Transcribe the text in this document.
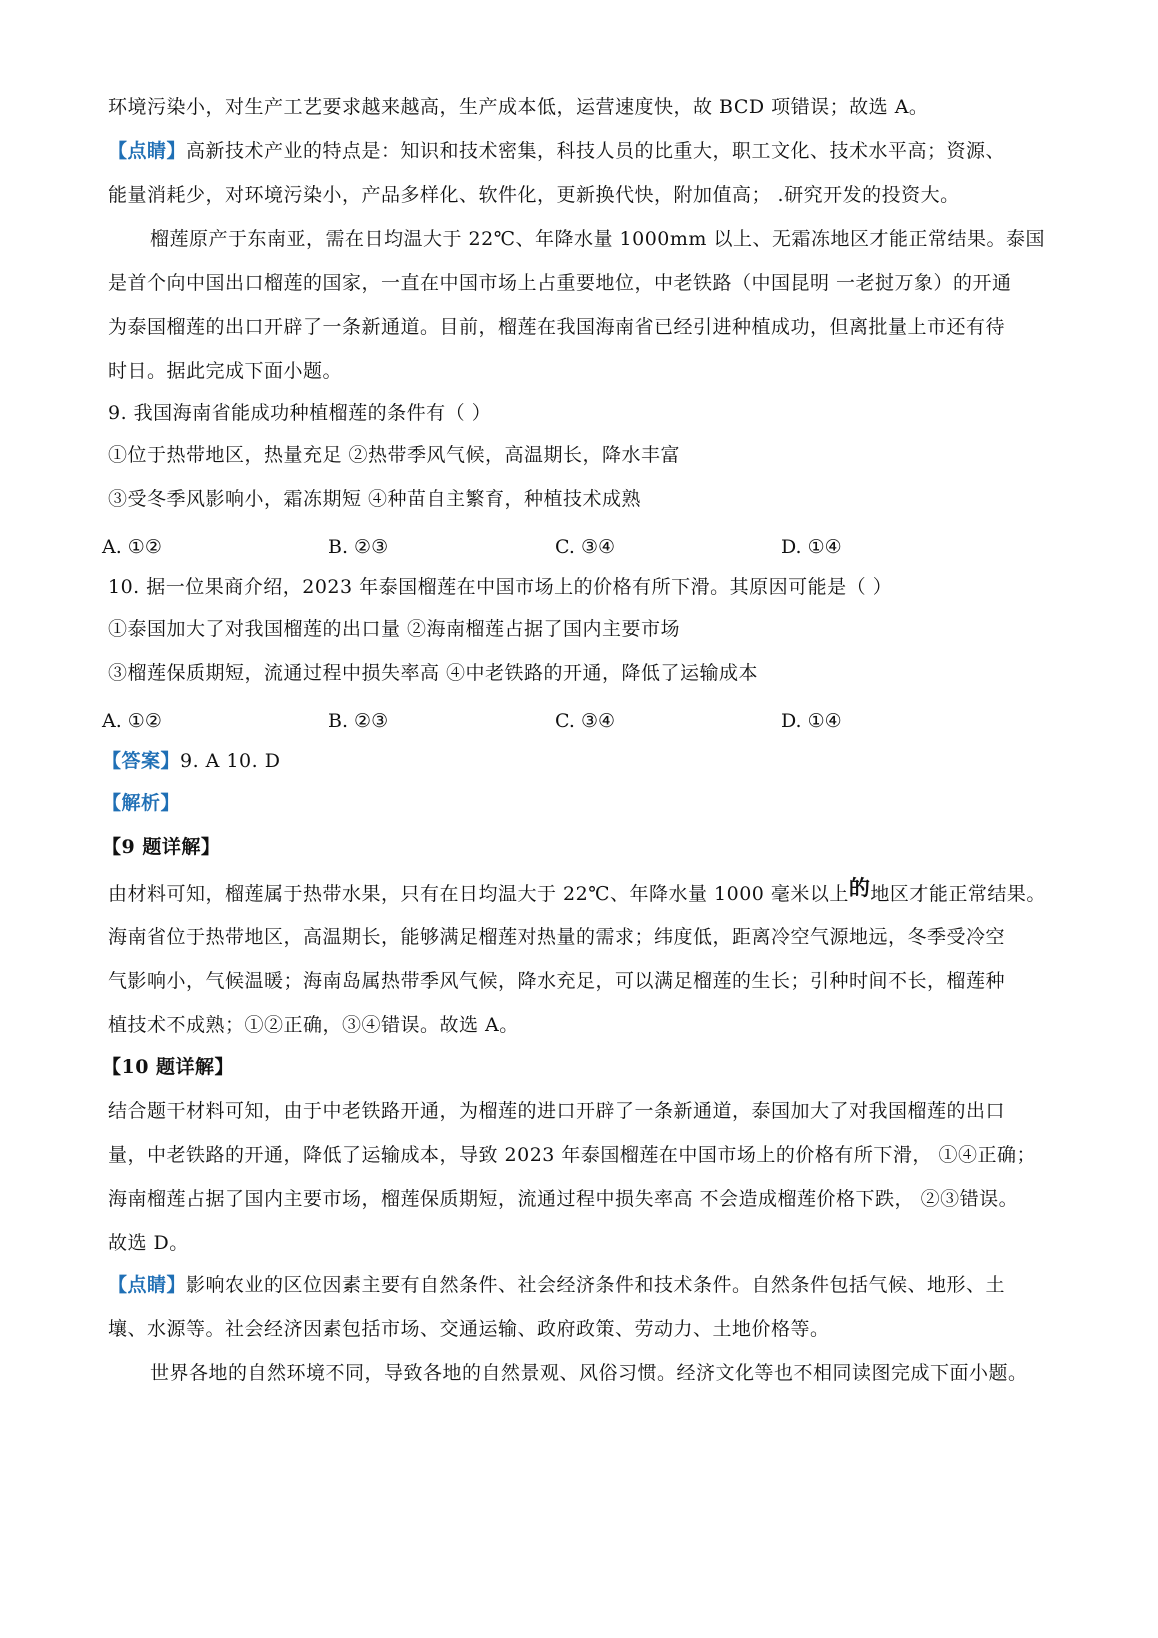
环境污染小，对生产工艺要求越来越高，生产成本低，运营速度快，故 BCD 项错误；故选 A。
【点睛】高新技术产业的特点是：知识和技术密集，科技人员的比重大，职工文化、技术水平高；资源、
能量消耗少，对环境污染小，产品多样化、软件化，更新换代快，附加值高； .研究开发的投资大。
榴莲原产于东南亚，需在日均温大于 22℃、年降水量 1000mm 以上、无霜冻地区才能正常结果。泰国
是首个向中国出口榴莲的国家，一直在中国市场上占重要地位，中老铁路（中国昆明 一老挝万象）的开通
为泰国榴莲的出口开辟了一条新通道。目前，榴莲在我国海南省已经引进种植成功，但离批量上市还有待
时日。据此完成下面小题。
9. 我国海南省能成功种植榴莲的条件有（ ）
①位于热带地区，热量充足 ②热带季风气候，高温期长，降水丰富
③受冬季风影响小，霜冻期短 ④种苗自主繁育，种植技术成熟
A. ①②	B. ②③	C. ③④	D. ①④
10. 据一位果商介绍，2023 年泰国榴莲在中国市场上的价格有所下滑。其原因可能是（ ）
①泰国加大了对我国榴莲的出口量 ②海南榴莲占据了国内主要市场
③榴莲保质期短，流通过程中损失率高 ④中老铁路的开通，降低了运输成本
A. ①②	B. ②③	C. ③④	D. ①④
【答案】9. A 10. D
【解析】
【9 题详解】
由材料可知，榴莲属于热带水果，只有在日均温大于 22℃、年降水量 1000 毫米以上的地区才能正常结果。
海南省位于热带地区，高温期长，能够满足榴莲对热量的需求；纬度低，距离冷空气源地远，冬季受冷空
气影响小，气候温暖；海南岛属热带季风气候，降水充足，可以满足榴莲的生长；引种时间不长，榴莲种
植技术不成熟；①②正确，③④错误。故选 A。
【10 题详解】
结合题干材料可知，由于中老铁路开通，为榴莲的进口开辟了一条新通道，泰国加大了对我国榴莲的出口
量，中老铁路的开通，降低了运输成本，导致 2023 年泰国榴莲在中国市场上的价格有所下滑， ①④正确；
海南榴莲占据了国内主要市场，榴莲保质期短，流通过程中损失率高 不会造成榴莲价格下跌， ②③错误。
故选 D。
【点睛】影响农业的区位因素主要有自然条件、社会经济条件和技术条件。自然条件包括气候、地形、土
壤、水源等。社会经济因素包括市场、交通运输、政府政策、劳动力、土地价格等。
世界各地的自然环境不同，导致各地的自然景观、风俗习惯。经济文化等也不相同读图完成下面小题。
